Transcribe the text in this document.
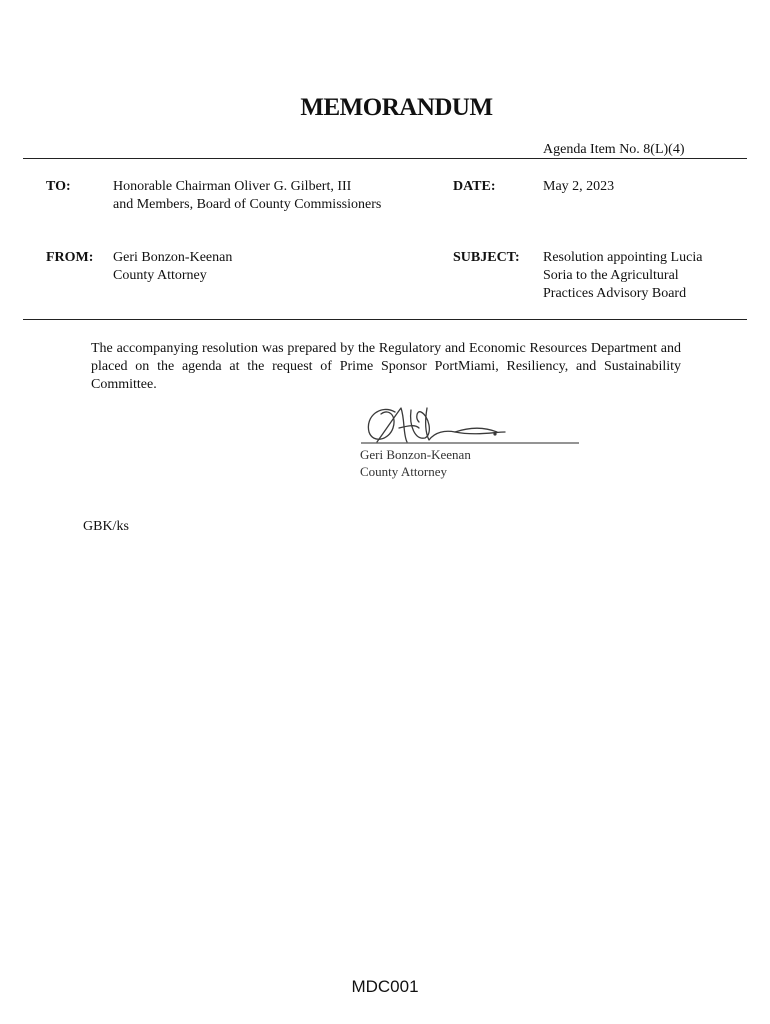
MEMORANDUM
Agenda Item No. 8(L)(4)
TO:	Honorable Chairman Oliver G. Gilbert, III
and Members, Board of County Commissioners
DATE:	May 2, 2023
FROM: Geri Bonzon-Keenan
County Attorney
SUBJECT: Resolution appointing Lucia
Soria to the Agricultural
Practices Advisory Board
The accompanying resolution was prepared by the Regulatory and Economic Resources Department and placed on the agenda at the request of Prime Sponsor PortMiami, Resiliency, and Sustainability Committee.
Geri Bonzon-Keenan
County Attorney
GBK/ks
MDC001
